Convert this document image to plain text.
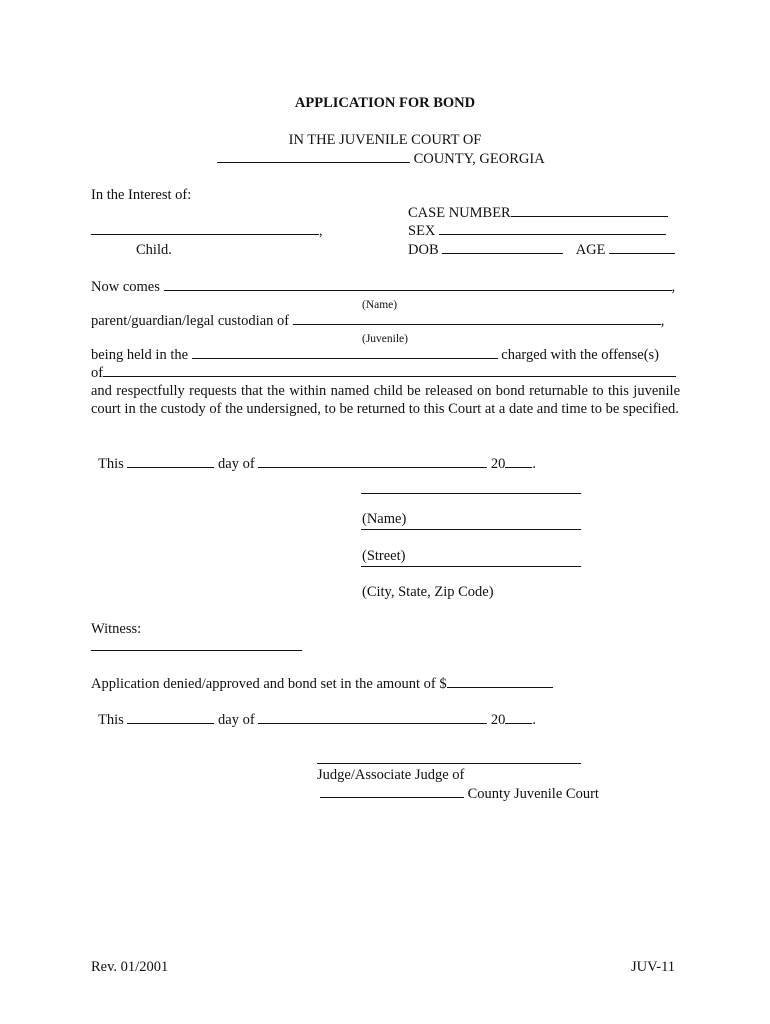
APPLICATION FOR BOND
IN THE JUVENILE COURT OF
COUNTY, GEORGIA
In the Interest of:
CASE NUMBER
,	SEX
Child.	DOB	AGE
Now comes	,
(Name)
parent/guardian/legal custodian of	,
(Juvenile)
being held in the	charged with the offense(s)
of
and respectfully requests that the within named child be released on bond returnable to this juvenile court in the custody of the undersigned, to be returned to this Court at a date and time to be specified.
This	day of	20 .
(Name)
(Street)
(City, State, Zip Code)
Witness:
Application denied/approved and bond set in the amount of $
This	day of	20 .
Judge/Associate Judge of
County Juvenile Court
Rev. 01/2001	JUV-11
